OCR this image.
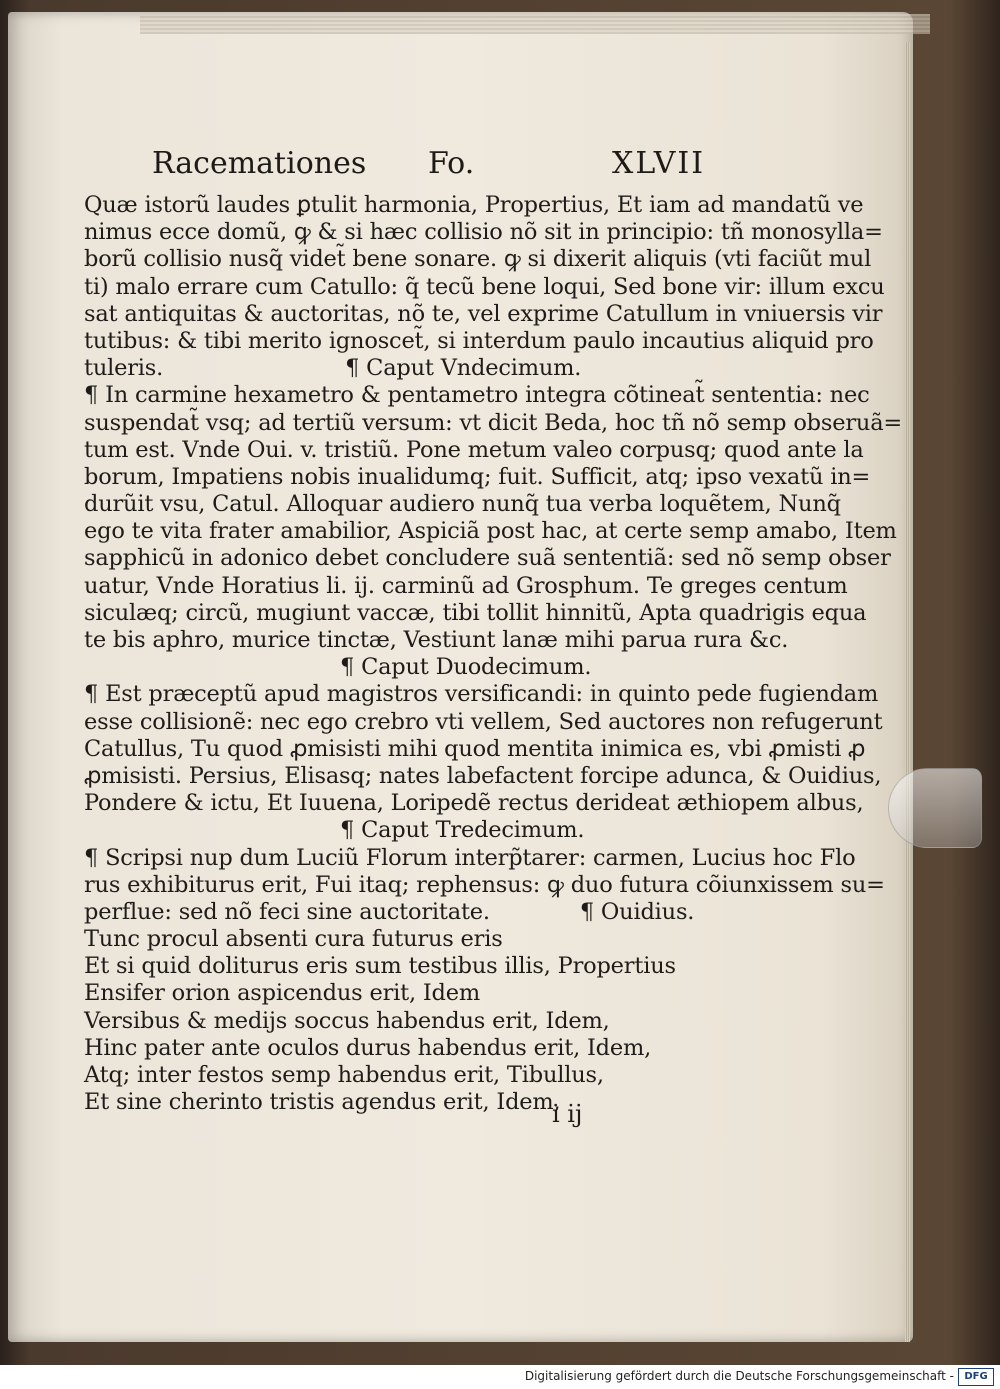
Racemationes Fo.	XLVII
Quæ istorũ laudes ꝑtulit harmonia, Propertius, Et iam ad mandatũ ve
nimus ecce domũ, ꝙ & si hæc collisio nõ sit in principio: tñ monosylla=
borũ collisio nusq̃ videt̃ bene sonare. ꝙ si dixerit aliquis (vti faciũt mul
ti) malo errare cum Catullo: q̃ tecũ bene loqui, Sed bone vir: illum excu
sat antiquitas & auctoritas, nõ te, vel exprime Catullum in vniuersis vir
tutibus: & tibi merito ignoscet̃, si interdum paulo incautius aliquid pro
tuleris.	¶ Caput Vndecimum.
¶ In carmine hexametro & pentametro integra cõtineat̃ sententia: nec
suspendat̃ vsq; ad tertiũ versum: vt dicit Beda, hoc tñ nõ semp obseruã=
tum est. Vnde Oui. v. tristiũ. Pone metum valeo corpusq; quod ante la
borum, Impatiens nobis inualidumq; fuit. Sufficit, atq; ipso vexatũ in=
durũit vsu, Catul. Alloquar audiero nunq̃ tua verba loquẽtem, Nunq̃
ego te vita frater amabilior, Aspiciã post hac, at certe semp amabo, Item
sapphicũ in adonico debet concludere suã sententiã: sed nõ semp obser
uatur, Vnde Horatius li. ij. carminũ ad Grosphum. Te greges centum
siculæq; circũ, mugiunt vaccæ, tibi tollit hinnitũ, Apta quadrigis equa
te bis aphro, murice tinctæ, Vestiunt lanæ mihi parua rura &c.
¶ Caput Duodecimum.
¶ Est præceptũ apud magistros versificandi: in quinto pede fugiendam
esse collisionẽ: nec ego crebro vti vellem, Sed auctores non refugerunt
Catullus, Tu quod ꝓmisisti mihi quod mentita inimica es, vbi ꝓmisti ꝓ
ꝓmisisti. Persius, Elisasq; nates labefactent forcipe adunca, & Ouidius,
Pondere & ictu, Et Iuuena, Loripedẽ rectus derideat æthiopem albus,
¶ Caput Tredecimum.
¶ Scripsi nup dum Luciũ Florum interp̃tarer: carmen, Lucius hoc Flo
rus exhibiturus erit, Fui itaq; rephensus: ꝙ duo futura cõiunxissem su=
perflue: sed nõ feci sine auctoritate.	¶ Ouidius.
Tunc procul absenti cura futurus eris
Et si quid doliturus eris sum testibus illis, Propertius
Ensifer orion aspicendus erit, Idem
Versibus & medijs soccus habendus erit, Idem,
Hinc pater ante oculos durus habendus erit, Idem,
Atq; inter festos semp habendus erit, Tibullus,
Et sine cherinto tristis agendus erit, Idem,
i ij
Digitalisierung gefördert durch die Deutsche Forschungsgemeinschaft -	DFG
